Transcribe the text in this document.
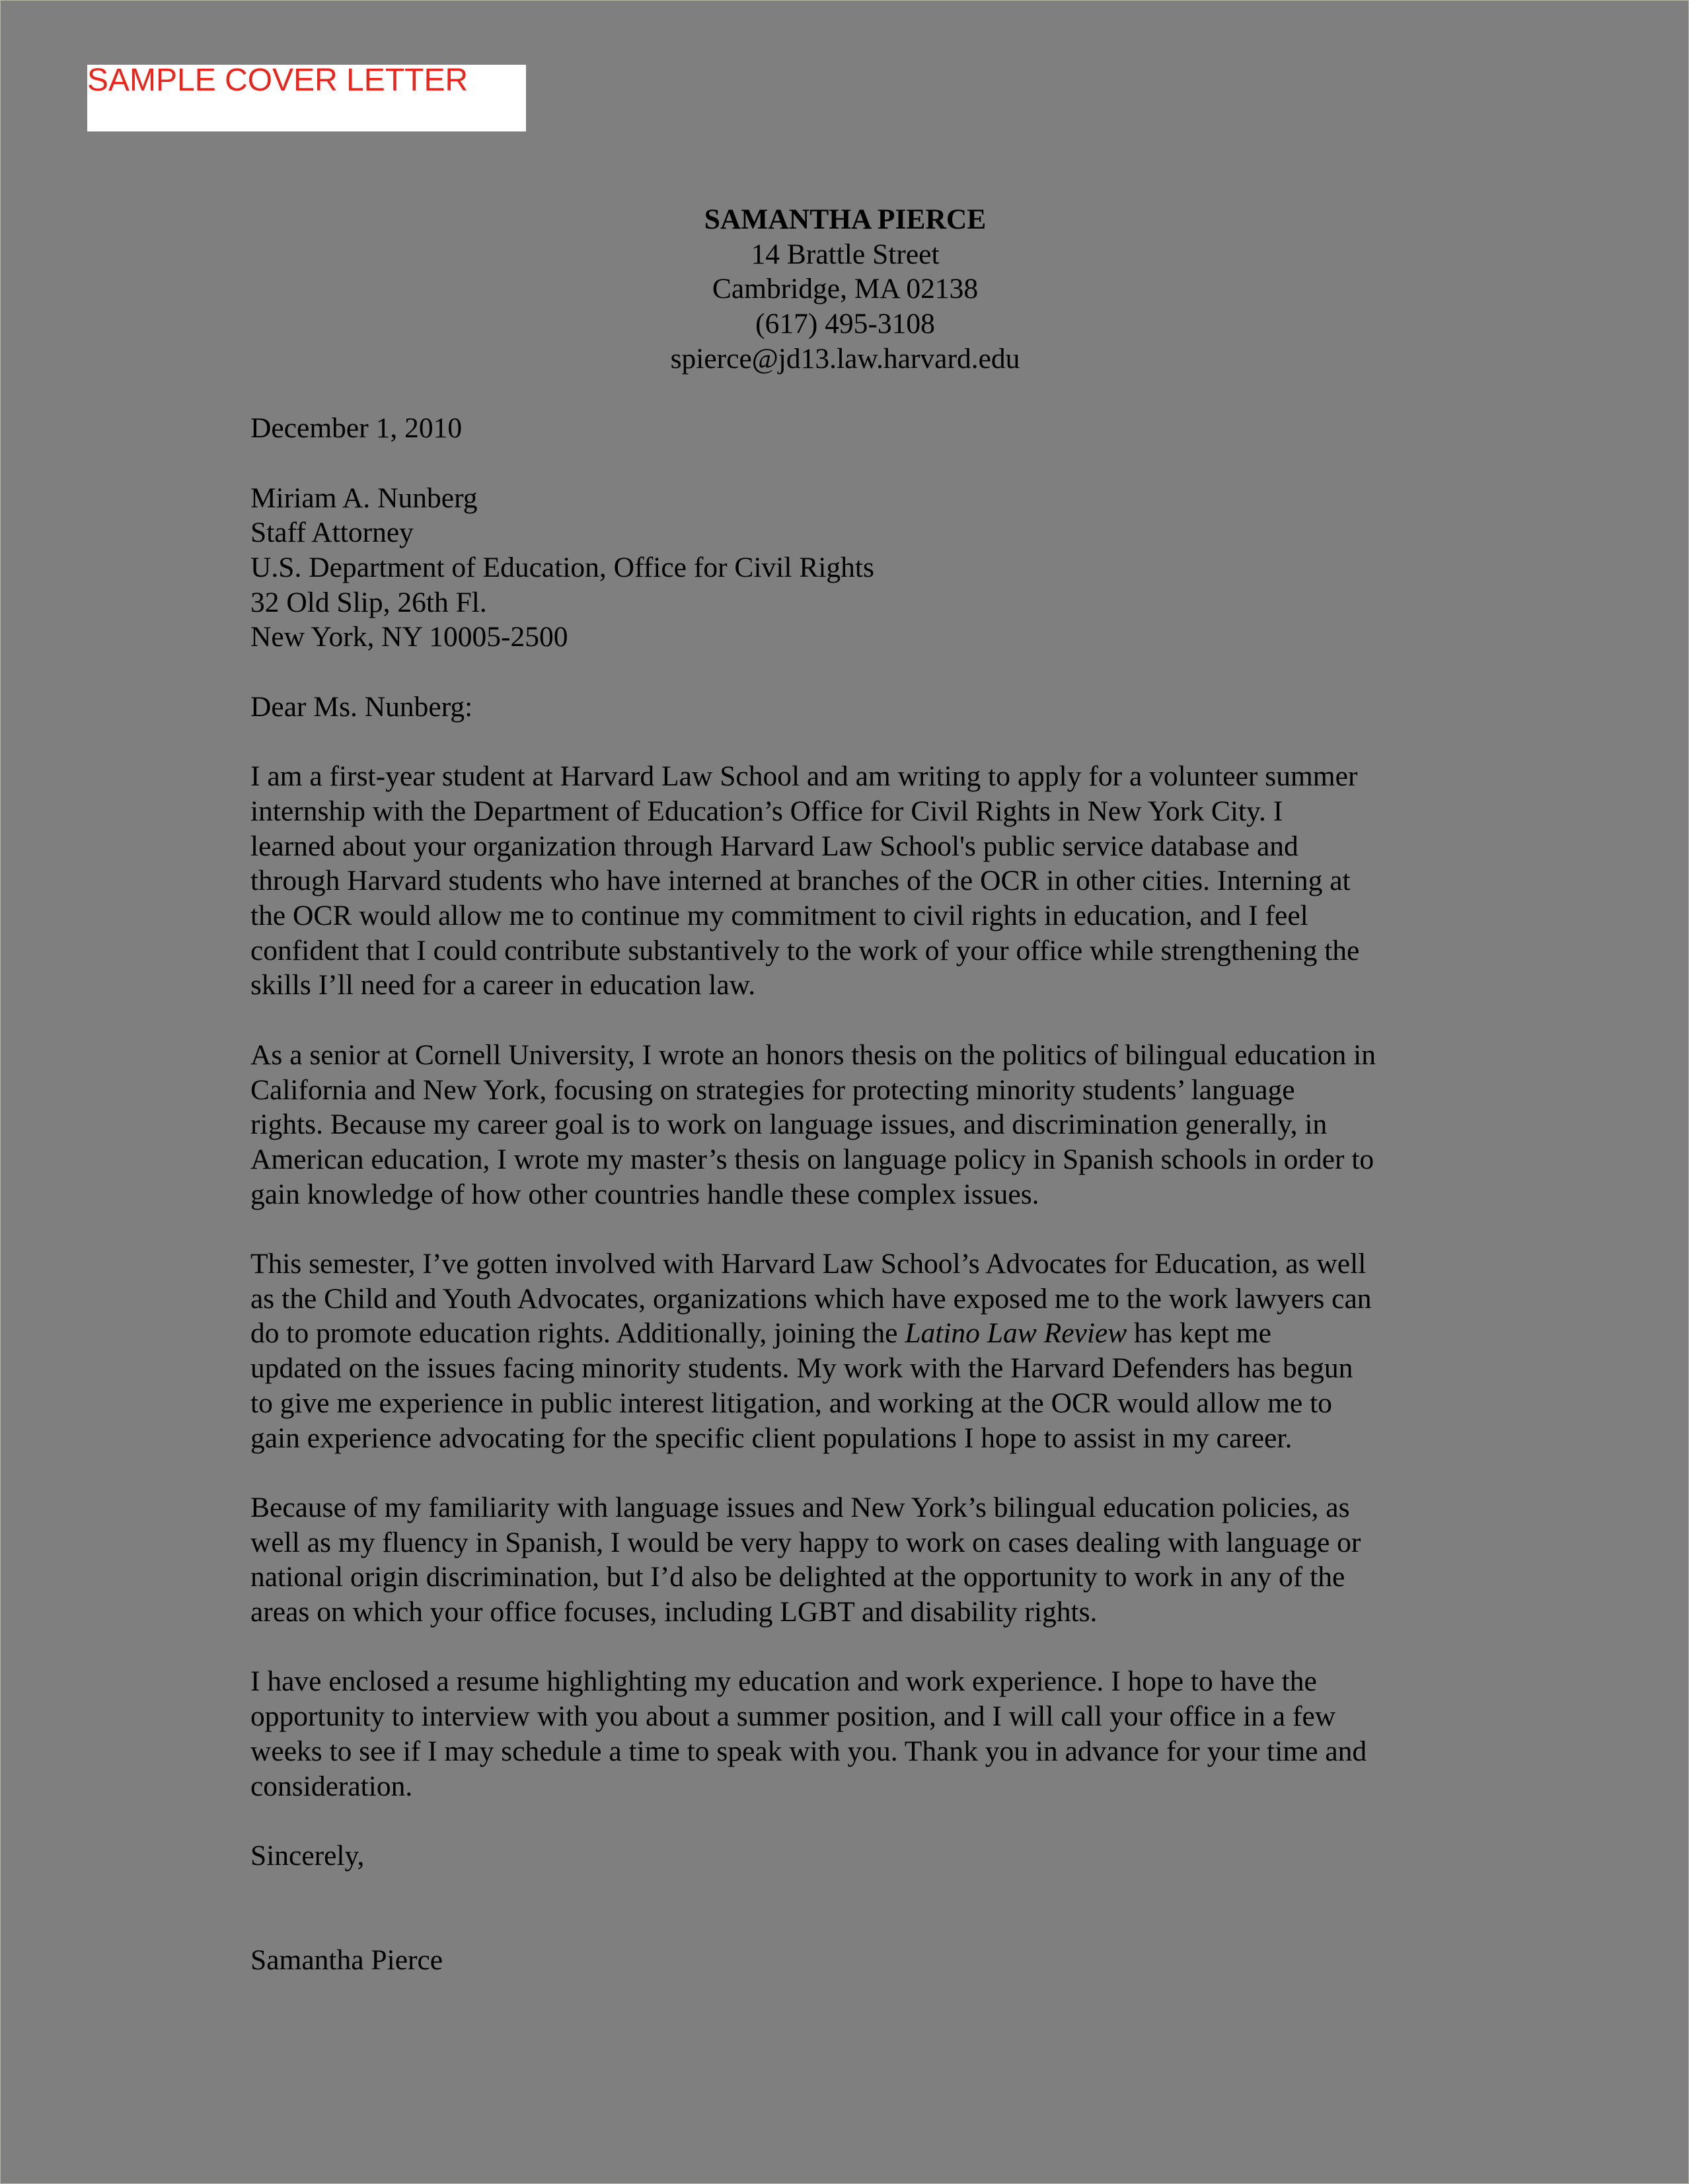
SAMPLE COVER LETTER
SAMANTHA PIERCE
14 Brattle Street
Cambridge, MA 02138
(617) 495-3108
spierce@jd13.law.harvard.edu
December 1, 2010
Miriam A. Nunberg
Staff Attorney
U.S. Department of Education, Office for Civil Rights
32 Old Slip, 26th Fl.
New York, NY 10005-2500
Dear Ms. Nunberg:
I am a first-year student at Harvard Law School and am writing to apply for a volunteer summer
internship with the Department of Education’s Office for Civil Rights in New York City. I
learned about your organization through Harvard Law School's public service database and
through Harvard students who have interned at branches of the OCR in other cities. Interning at
the OCR would allow me to continue my commitment to civil rights in education, and I feel
confident that I could contribute substantively to the work of your office while strengthening the
skills I’ll need for a career in education law.
As a senior at Cornell University, I wrote an honors thesis on the politics of bilingual education in
California and New York, focusing on strategies for protecting minority students’ language
rights. Because my career goal is to work on language issues, and discrimination generally, in
American education, I wrote my master’s thesis on language policy in Spanish schools in order to
gain knowledge of how other countries handle these complex issues.
This semester, I’ve gotten involved with Harvard Law School’s Advocates for Education, as well
as the Child and Youth Advocates, organizations which have exposed me to the work lawyers can
do to promote education rights. Additionally, joining the Latino Law Review has kept me
updated on the issues facing minority students. My work with the Harvard Defenders has begun
to give me experience in public interest litigation, and working at the OCR would allow me to
gain experience advocating for the specific client populations I hope to assist in my career.
Because of my familiarity with language issues and New York’s bilingual education policies, as
well as my fluency in Spanish, I would be very happy to work on cases dealing with language or
national origin discrimination, but I’d also be delighted at the opportunity to work in any of the
areas on which your office focuses, including LGBT and disability rights.
I have enclosed a resume highlighting my education and work experience. I hope to have the
opportunity to interview with you about a summer position, and I will call your office in a few
weeks to see if I may schedule a time to speak with you. Thank you in advance for your time and
consideration.
Sincerely,
Samantha Pierce
